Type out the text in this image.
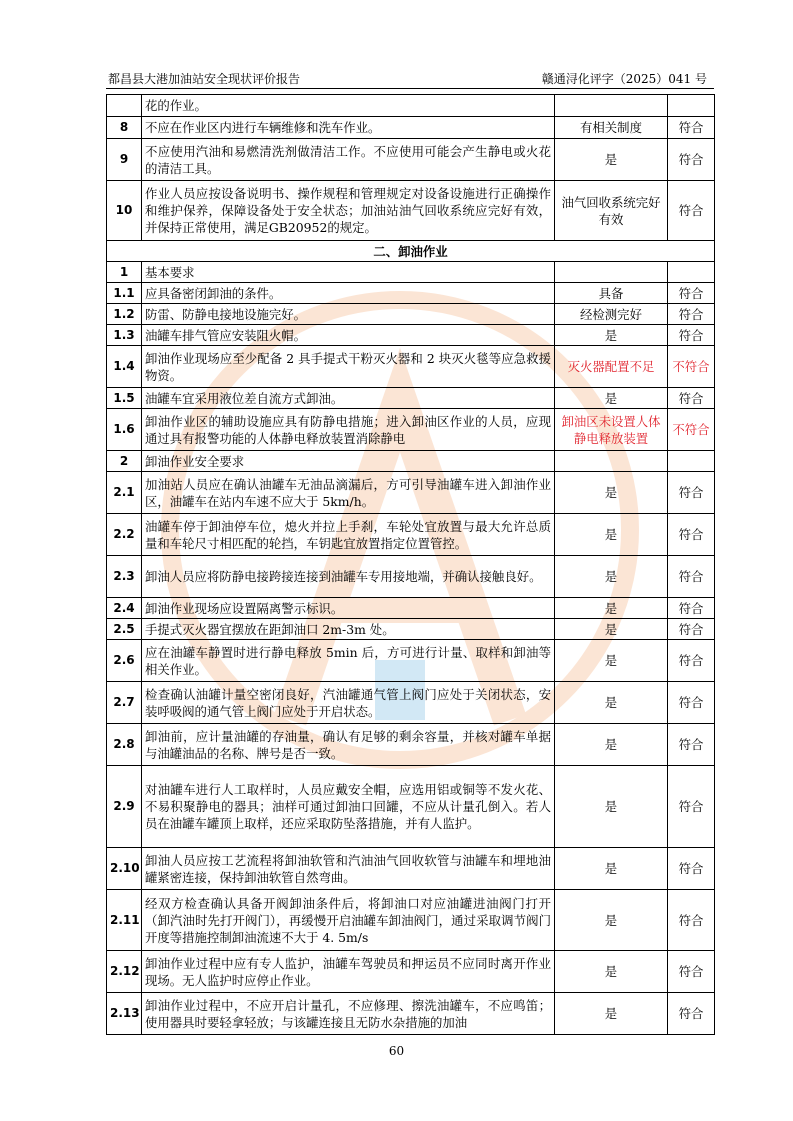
都昌县大港加油站安全现状评价报告	赣通浔化评字（2025）041 号
	花的作业。		
8	不应在作业区内进行车辆维修和洗车作业。	有相关制度	符合
9	不应使用汽油和易燃清洗剂做清洁工作。不应使用可能会产生静电或火花的清洁工具。	是	符合
10	作业人员应按设备说明书、操作规程和管理规定对设备设施进行正确操作和维护保养，保障设备处于安全状态；加油站油气回收系统应完好有效，并保持正常使用，满足GB20952的规定。	油气回收系统完好有效	符合
二、卸油作业			
1	基本要求		
1.1	应具备密闭卸油的条件。	具备	符合
1.2	防雷、防静电接地设施完好。	经检测完好	符合
1.3	油罐车排气管应安装阻火帽。	是	符合
1.4	卸油作业现场应至少配备 2 具手提式干粉灭火器和 2 块灭火毯等应急救援物资。	灭火器配置不足	不符合
1.5	油罐车宜采用液位差自流方式卸油。	是	符合
1.6	卸油作业区的辅助设施应具有防静电措施；进入卸油区作业的人员，应现通过具有报警功能的人体静电释放装置消除静电	卸油区未设置人体静电释放装置	不符合
2	卸油作业安全要求		
2.1	加油站人员应在确认油罐车无油品滴漏后，方可引导油罐车进入卸油作业区，油罐车在站内车速不应大于 5km/h。	是	符合
2.2	油罐车停于卸油停车位，熄火并拉上手刹，车轮处宜放置与最大允许总质量和车轮尺寸相匹配的轮挡，车钥匙宜放置指定位置管控。	是	符合
2.3	卸油人员应将防静电接跨接连接到油罐车专用接地端，并确认接触良好。	是	符合
2.4	卸油作业现场应设置隔离警示标识。	是	符合
2.5	手提式灭火器宜摆放在距卸油口 2m-3m 处。	是	符合
2.6	应在油罐车静置时进行静电释放 5min 后，方可进行计量、取样和卸油等相关作业。	是	符合
2.7	检查确认油罐计量空密闭良好，汽油罐通气管上阀门应处于关闭状态，安装呼吸阀的通气管上阀门应处于开启状态。	是	符合
2.8	卸油前，应计量油罐的存油量，确认有足够的剩余容量，并核对罐车单据与油罐油品的名称、牌号是否一致。	是	符合
2.9	对油罐车进行人工取样时，人员应戴安全帽，应选用铝或铜等不发火花、不易积聚静电的器具；油样可通过卸油口回罐，不应从计量孔倒入。若人员在油罐车罐顶上取样，还应采取防坠落措施，并有人监护。	是	符合
2.10	卸油人员应按工艺流程将卸油软管和汽油油气回收软管与油罐车和埋地油罐紧密连接，保持卸油软管自然弯曲。	是	符合
2.11	经双方检查确认具备开阀卸油条件后，将卸油口对应油罐进油阀门打开（卸汽油时先打开阀门），再缓慢开启油罐车卸油阀门，通过采取调节阀门开度等措施控制卸油流速不大于 4. 5m/s	是	符合
2.12	卸油作业过程中应有专人监护，油罐车驾驶员和押运员不应同时离开作业现场。无人监护时应停止作业。	是	符合
2.13	卸油作业过程中，不应开启计量孔，不应修理、擦洗油罐车，不应鸣笛；使用器具时要轻拿轻放；与该罐连接且无防水杂措施的加油	是	符合
60
